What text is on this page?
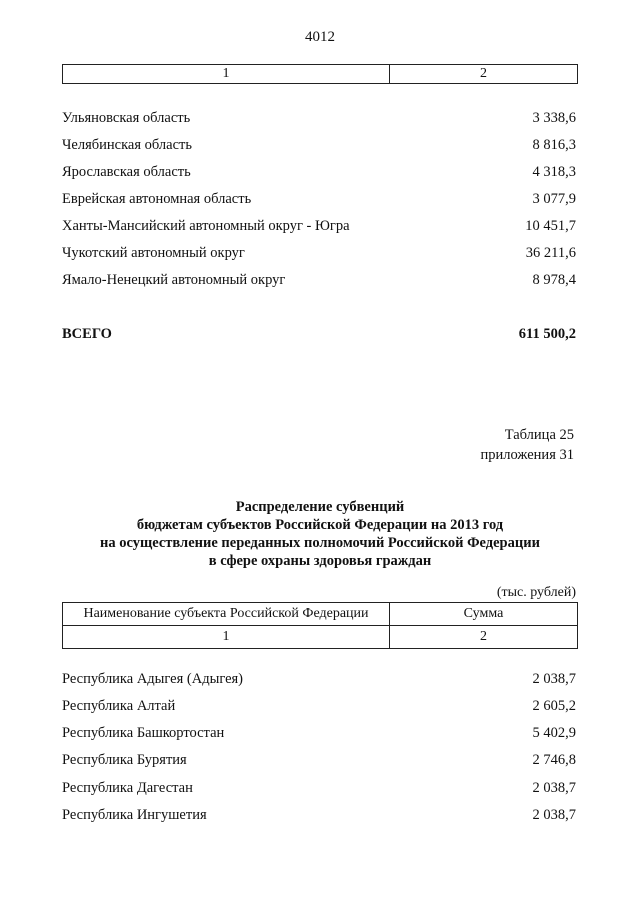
4012
1	2
Ульяновская область	3 338,6
Челябинская область	8 816,3
Ярославская область	4 318,3
Еврейская автономная область	3 077,9
Ханты-Мансийский автономный округ - Югра	10 451,7
Чукотский автономный округ	36 211,6
Ямало-Ненецкий автономный округ	8 978,4
ВСЕГО	611 500,2
Таблица 25
приложения 31
Распределение субвенций
бюджетам субъектов Российской Федерации на 2013 год
на осуществление переданных полномочий Российской Федерации
в сфере охраны здоровья граждан
(тыс. рублей)
Наименование субъекта Российской Федерации	Сумма
1	2
Республика Адыгея (Адыгея)	2 038,7
Республика Алтай	2 605,2
Республика Башкортостан	5 402,9
Республика Бурятия	2 746,8
Республика Дагестан	2 038,7
Республика Ингушетия	2 038,7
